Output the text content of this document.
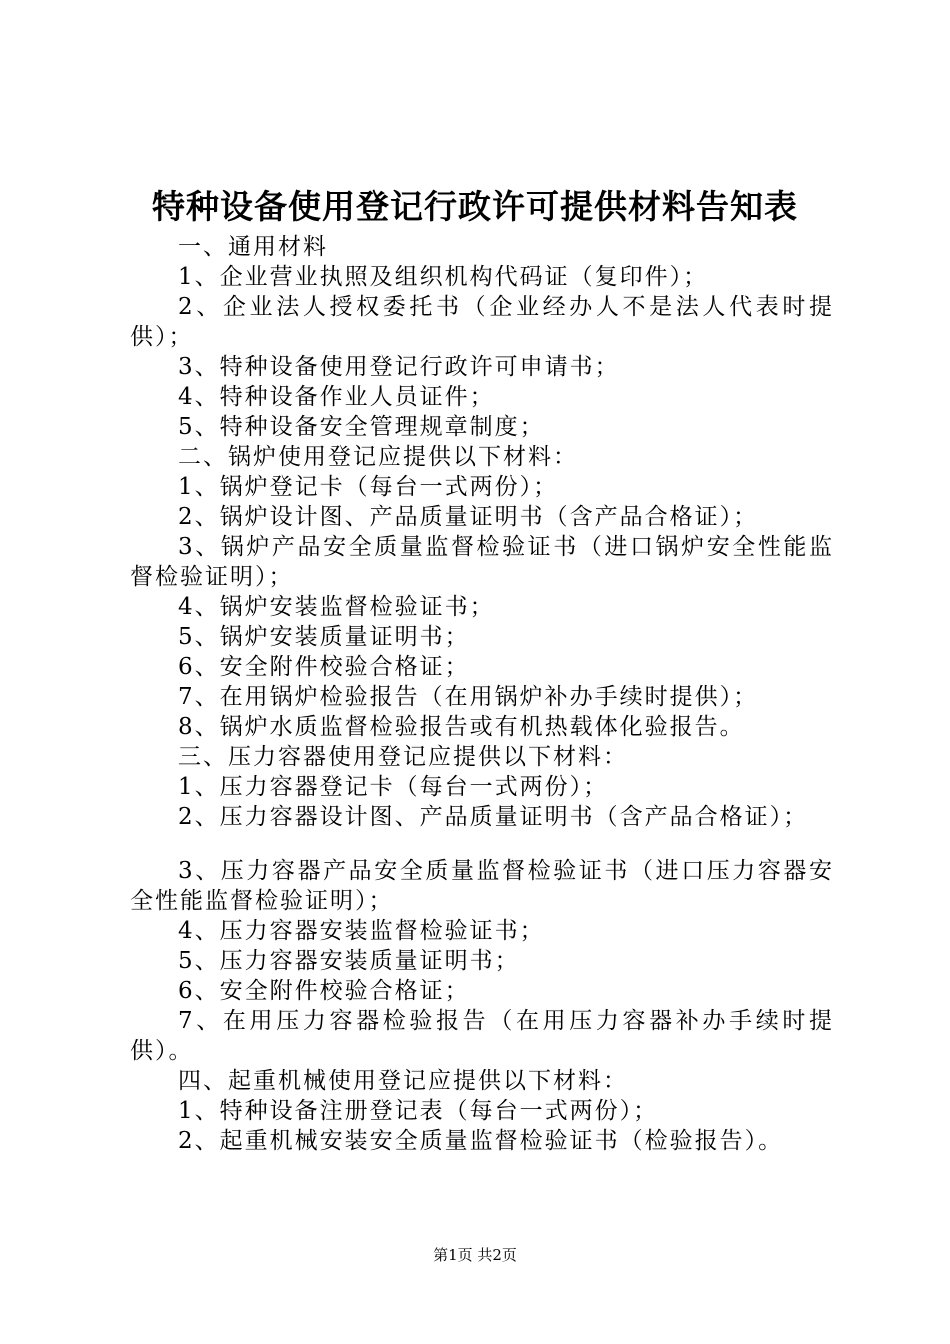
特种设备使用登记行政许可提供材料告知表
一、通用材料
1、企业营业执照及组织机构代码证（复印件）；
2、企业法人授权委托书（企业经办人不是法人代表时提
供）；
3、特种设备使用登记行政许可申请书；
4、特种设备作业人员证件；
5、特种设备安全管理规章制度；
二、锅炉使用登记应提供以下材料：
1、锅炉登记卡（每台一式两份）；
2、锅炉设计图、产品质量证明书（含产品合格证）；
3、锅炉产品安全质量监督检验证书（进口锅炉安全性能监
督检验证明）；
4、锅炉安装监督检验证书；
5、锅炉安装质量证明书；
6、安全附件校验合格证；
7、在用锅炉检验报告（在用锅炉补办手续时提供）；
8、锅炉水质监督检验报告或有机热载体化验报告。
三、压力容器使用登记应提供以下材料：
1、压力容器登记卡（每台一式两份）；
2、压力容器设计图、产品质量证明书（含产品合格证）；
3、压力容器产品安全质量监督检验证书（进口压力容器安
全性能监督检验证明）；
4、压力容器安装监督检验证书；
5、压力容器安装质量证明书；
6、安全附件校验合格证；
7、在用压力容器检验报告（在用压力容器补办手续时提
供）。
四、起重机械使用登记应提供以下材料：
1、特种设备注册登记表（每台一式两份）；
2、起重机械安装安全质量监督检验证书（检验报告）。
第1页 共2页
